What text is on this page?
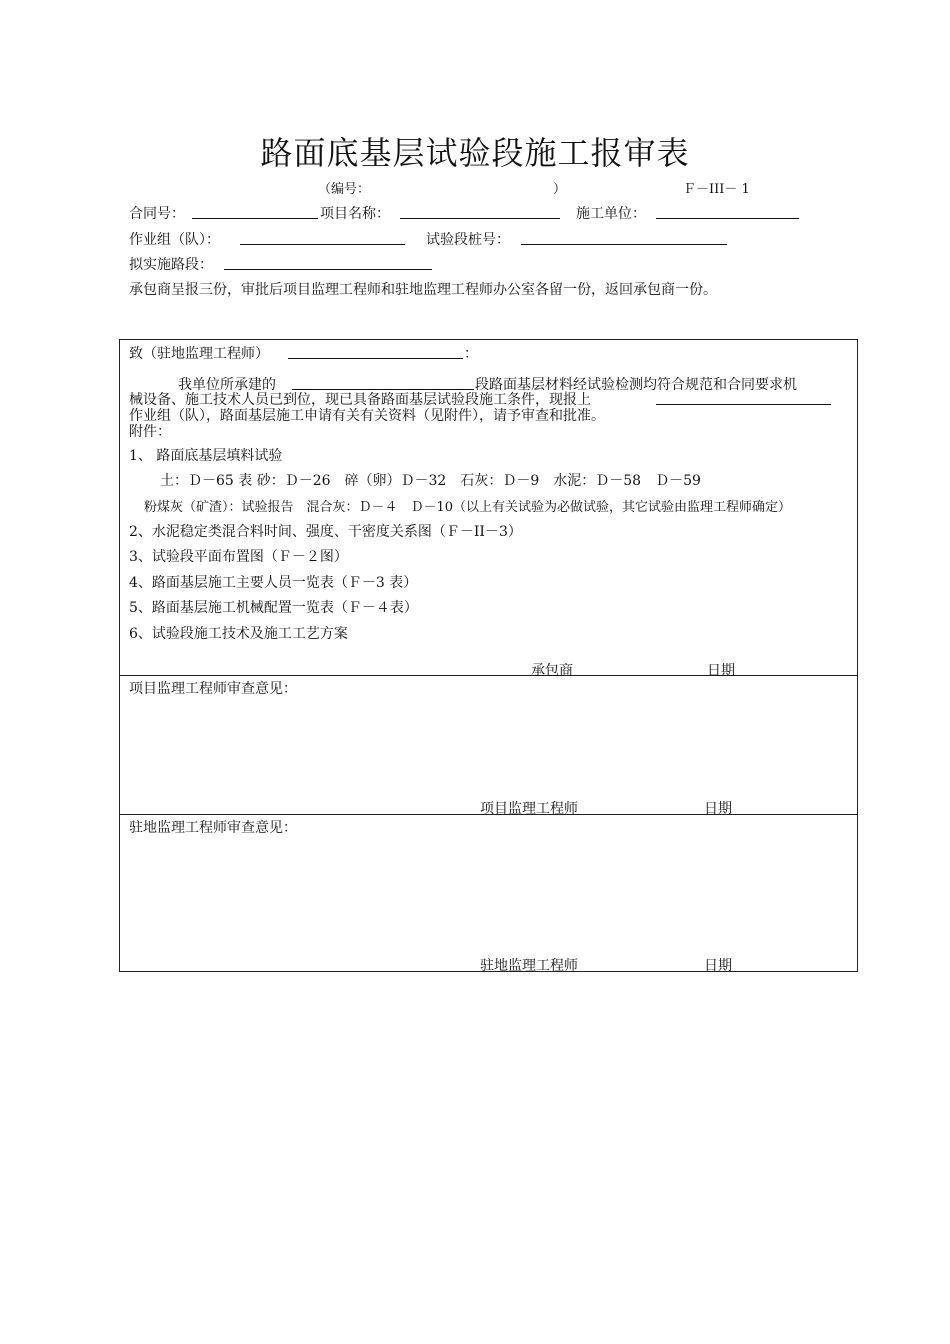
路面底基层试验段施工报审表
（编号：	）	Ｆ－III－ 1
合同号：	项目名称：	施工单位：
作业组（队）：	试验段桩号：
拟实施路段：
承包商呈报三份，审批后项目监理工程师和驻地监理工程师办公室各留一份，返回承包商一份。
致（驻地监理工程师）	：
我单位所承建的	段路面基层材料经试验检测均符合规范和合同要求机
械设备、施工技术人员已到位，现已具备路面基层试验段施工条件，现报上
作业组（队），路面基层施工申请有关有关资料（见附件），请予审查和批准。
附件：
1、 路面底基层填料试验
土：Ｄ－65 表 砂：Ｄ－26　碎（卵）Ｄ－32　石灰：Ｄ－9　水泥：Ｄ－58　Ｄ－59
粉煤灰（矿渣）：试验报告　混合灰：Ｄ－４　Ｄ－10（以上有关试验为必做试验，其它试验由监理工程师确定）
2、水泥稳定类混合料时间、强度、干密度关系图（Ｆ－II－3）
3、试验段平面布置图（Ｆ－２图）
4、路面基层施工主要人员一览表（Ｆ－3 表）
5、路面基层施工机械配置一览表（Ｆ－４表）
6、试验段施工技术及施工工艺方案
承包商	日期
项目监理工程师审查意见：
项目监理工程师	日期
驻地监理工程师审查意见：
驻地监理工程师	日期
